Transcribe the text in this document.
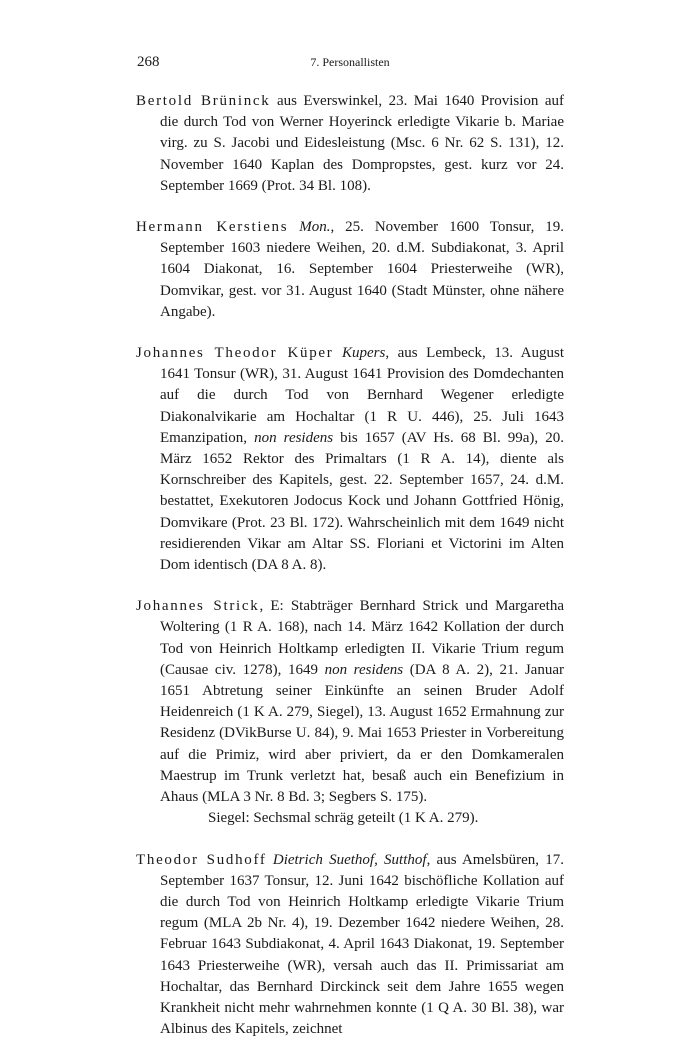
268	7. Personallisten

Bertold Brüninck aus Everswinkel, 23. Mai 1640 Provision auf die durch Tod von Werner Hoyerinck erledigte Vikarie b. Mariae virg. zu S. Jacobi und Eidesleistung (Msc. 6 Nr. 62 S. 131), 12. November 1640 Kaplan des Dompropstes, gest. kurz vor 24. September 1669 (Prot. 34 Bl. 108).

Hermann Kerstiens Mon., 25. November 1600 Tonsur, 19. September 1603 niedere Weihen, 20. d.M. Subdiakonat, 3. April 1604 Diakonat, 16. September 1604 Priesterweihe (WR), Domvikar, gest. vor 31. August 1640 (Stadt Münster, ohne nähere Angabe).

Johannes Theodor Küper Kupers, aus Lembeck, 13. August 1641 Tonsur (WR), 31. August 1641 Provision des Domdechanten auf die durch Tod von Bernhard Wegener erledigte Diakonalvikarie am Hochaltar (1 R U. 446), 25. Juli 1643 Emanzipation, non residens bis 1657 (AV Hs. 68 Bl. 99a), 20. März 1652 Rektor des Primaltars (1 R A. 14), diente als Kornschreiber des Kapitels, gest. 22. September 1657, 24. d.M. bestattet, Exekutoren Jodocus Kock und Johann Gottfried Hönig, Domvikare (Prot. 23 Bl. 172). Wahrscheinlich mit dem 1649 nicht residierenden Vikar am Altar SS. Floriani et Victorini im Alten Dom identisch (DA 8 A. 8).

Johannes Strick, E: Stabträger Bernhard Strick und Margaretha Woltering (1 R A. 168), nach 14. März 1642 Kollation der durch Tod von Heinrich Holtkamp erledigten II. Vikarie Trium regum (Causae civ. 1278), 1649 non residens (DA 8 A. 2), 21. Januar 1651 Abtretung seiner Einkünfte an seinen Bruder Adolf Heidenreich (1 K A. 279, Siegel), 13. August 1652 Ermahnung zur Residenz (DVikBurse U. 84), 9. Mai 1653 Priester in Vorbereitung auf die Primiz, wird aber priviert, da er den Domkameralen Maestrup im Trunk verletzt hat, besaß auch ein Benefizium in Ahaus (MLA 3 Nr. 8 Bd. 3; Segbers S. 175).
Siegel: Sechsmal schräg geteilt (1 K A. 279).

Theodor Sudhoff Dietrich Suethof, Sutthof, aus Amelsbüren, 17. September 1637 Tonsur, 12. Juni 1642 bischöfliche Kollation auf die durch Tod von Heinrich Holtkamp erledigte Vikarie Trium regum (MLA 2b Nr. 4), 19. Dezember 1642 niedere Weihen, 28. Februar 1643 Subdiakonat, 4. April 1643 Diakonat, 19. September 1643 Priesterweihe (WR), versah auch das II. Primissariat am Hochaltar, das Bernhard Dirckinck seit dem Jahre 1655 wegen Krankheit nicht mehr wahrnehmen konnte (1 Q A. 30 Bl. 38), war Albinus des Kapitels, zeichnet
